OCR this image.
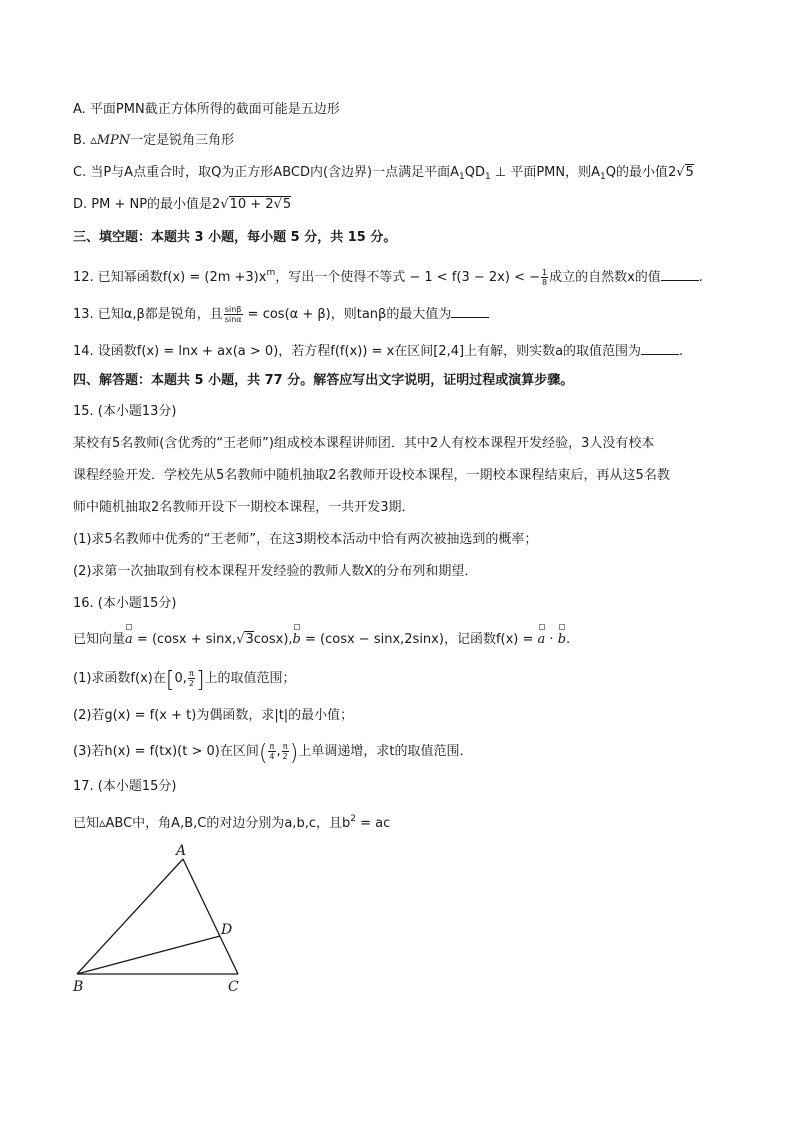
A. 平面PMN截正方体所得的截面可能是五边形
B. ▵MPN一定是锐角三角形
C. 当P与A点重合时，取Q为正方形ABCD内(含边界)一点满足平面$A_1QD_1$ ⊥ 平面PMN，则$A_1Q$的最小值2√5
D. PM + NP的最小值是2√10 + 2√5
三、填空题：本题共 3 小题，每小题 5 分，共 15 分。
12. 已知幂函数$f(x) = (2m +3)x^m$，写出一个使得不等式 − 1 < f(3 − 2x) < − $\frac{1}{8}$ 成立的自然数x的值	.
13. 已知α,β都是锐角，且 $\frac{\sin\beta}{\sin\alpha} = \cos(\alpha + \beta)$，则tanβ的最大值为
14. 设函数f(x) = lnx + ax(a > 0)，若方程f(f(x)) = x在区间[2,4]上有解，则实数a的取值范围为	.
四、解答题：本题共 5 小题，共 77 分。解答应写出文字说明，证明过程或演算步骤。
15. (本小题13分)
某校有5名教师(含优秀的“王老师”)组成校本课程讲师团．其中2人有校本课程开发经验，3人没有校本
课程经验开发．学校先从5名教师中随机抽取2名教师开设校本课程，一期校本课程结束后，再从这5名教
师中随机抽取2名教师开设下一期校本课程，一共开发3期．
(1)求5名教师中优秀的“王老师”，在这3期校本活动中恰有两次被抽选到的概率；
(2)求第一次抽取到有校本课程开发经验的教师人数X的分布列和期望．
16. (本小题15分)
已知向量a = (cosx + sinx,√3cosx),b = (cosx − sinx,2sinx)，记函数f(x) = a · b.
(1)求函数f(x)在[0, $\frac{\pi}{2}$ ]上的取值范围；
(2)若g(x) = f(x + t)为偶函数，求|t|的最小值；
(3)若h(x) = f(tx)(t > 0)在区间( $\frac{\pi}{4}$ , $\frac{\pi}{2}$ )上单调递增，求t的取值范围．
17. (本小题15分)
已知▵ABC中，角A,B,C的对边分别为a,b,c，且$b^2$ = ac
A
B	C
D
